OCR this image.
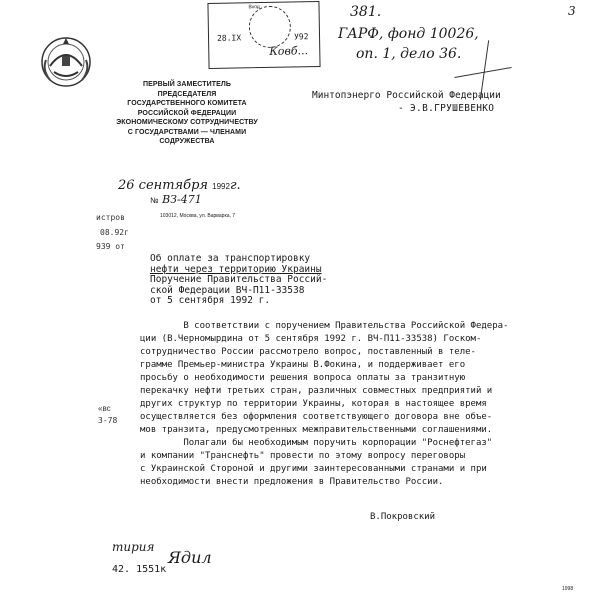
ПЕРВЫЙ ЗАМЕСТИТЕЛЬ
ПРЕДСЕДАТЕЛЯ
ГОСУДАРСТВЕННОГО КОМИТЕТА
РОССИЙСКОЙ ФЕДЕРАЦИИ
ЭКОНОМИЧЕСКОМУ СОТРУДНИЧЕСТВУ
С ГОСУДАРСТВАМИ — ЧЛЕНАМИ
СОДРУЖЕСТВА
26 сентября 1992г.
№ ВЗ-471
103012, Москва, ул. Варварка, 7
истров
08.92г
939 от
«вс
3-78
Вход
28.IX	У92
Ковб...
381.	3
ГАРФ, фонд 10026,
оп. 1, дело 36.
Минтопэнерго Российской Федерации
- Э.В.ГРУШЕВЕНКО
Об оплате за транспортировку
нефти через территорию Украины
Поручение Правительства Россий-
ской Федерации ВЧ-П11-33538
от 5 сентября 1992 г.
В соответствии с поручением Правительства Российской Федера-
ции (В.Черномырдина от 5 сентября 1992 г. ВЧ-П11-33538) Госком-
сотрудничество России рассмотрело вопрос, поставленный в теле-
грамме Премьер-министра Украины В.Фокина, и поддерживает его
просьбу о необходимости решения вопроса оплаты за транзитную
перекачку нефти третьих стран, различных совместных предприятий и
других структур по территории Украины, которая в настоящее время
осуществляется без оформления соответствующего договора вне объе-
мов транзита, предусмотренных межправительственными соглашениями.
Полагали бы необходимым поручить корпорации "Роснефтегаз"
и компании "Транснефть" провести по этому вопросу переговоры
с Украинской Стороной и другими заинтересованными странами и при
необходимости внести предложения в Правительство России.
В.Покровский
тирия
Ядил
42. 1551к
1998
